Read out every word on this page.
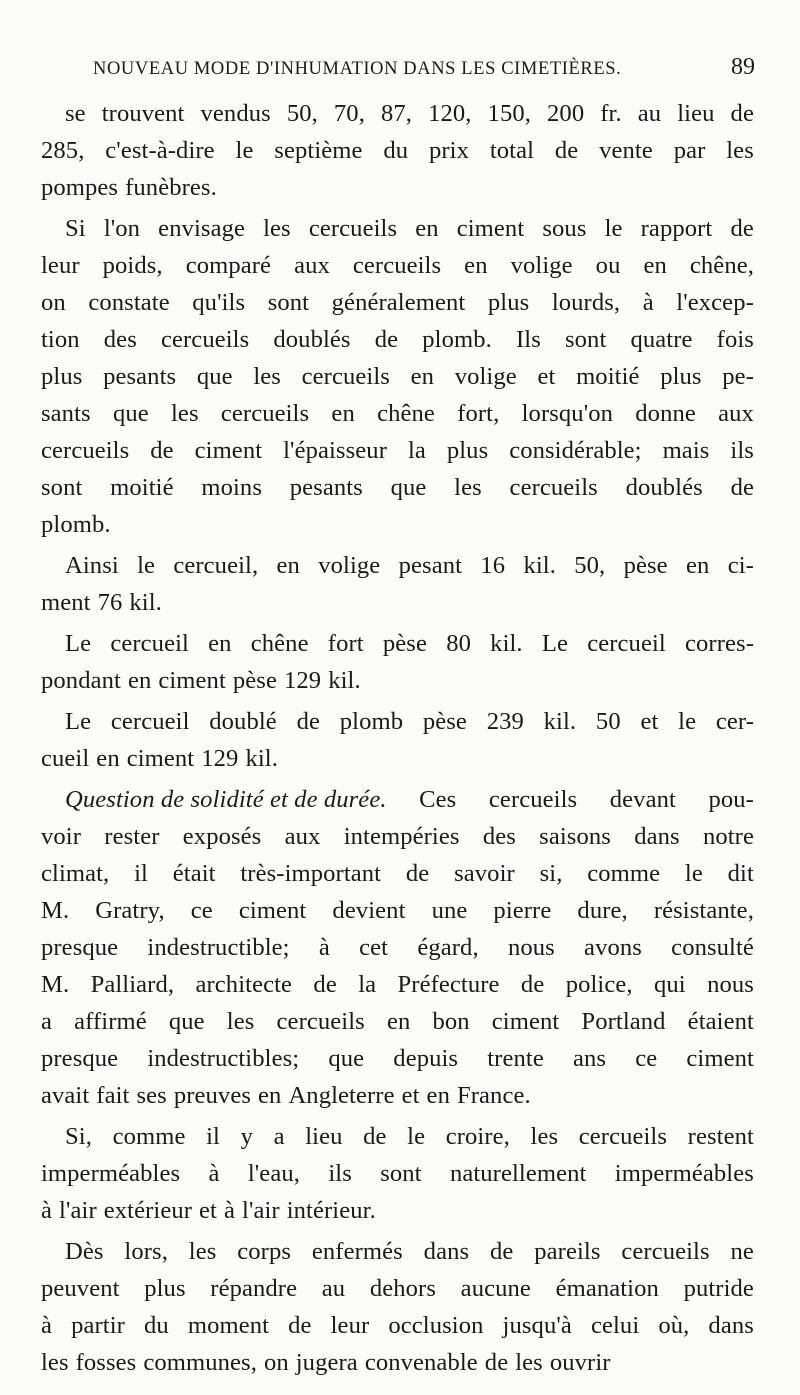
NOUVEAU MODE D'INHUMATION DANS LES CIMETIÈRES.	89
se trouvent vendus 50, 70, 87, 120, 150, 200 fr. au lieu de
285, c'est-à-dire le septième du prix total de vente par les
pompes funèbres.
Si l'on envisage les cercueils en ciment sous le rapport de
leur poids, comparé aux cercueils en volige ou en chêne,
on constate qu'ils sont généralement plus lourds, à l'excep-
tion des cercueils doublés de plomb. Ils sont quatre fois
plus pesants que les cercueils en volige et moitié plus pe-
sants que les cercueils en chêne fort, lorsqu'on donne aux
cercueils de ciment l'épaisseur la plus considérable; mais ils
sont moitié moins pesants que les cercueils doublés de
plomb.
Ainsi le cercueil, en volige pesant 16 kil. 50, pèse en ci-
ment 76 kil.
Le cercueil en chêne fort pèse 80 kil. Le cercueil corres-
pondant en ciment pèse 129 kil.
Le cercueil doublé de plomb pèse 239 kil. 50 et le cer-
cueil en ciment 129 kil.
Question de solidité et de durée. Ces cercueils devant pou-
voir rester exposés aux intempéries des saisons dans notre
climat, il était très-important de savoir si, comme le dit
M. Gratry, ce ciment devient une pierre dure, résistante,
presque indestructible; à cet égard, nous avons consulté
M. Palliard, architecte de la Préfecture de police, qui nous
a affirmé que les cercueils en bon ciment Portland étaient
presque indestructibles; que depuis trente ans ce ciment
avait fait ses preuves en Angleterre et en France.
Si, comme il y a lieu de le croire, les cercueils restent
imperméables à l'eau, ils sont naturellement imperméables
à l'air extérieur et à l'air intérieur.
Dès lors, les corps enfermés dans de pareils cercueils ne
peuvent plus répandre au dehors aucune émanation putride
à partir du moment de leur occlusion jusqu'à celui où, dans
les fosses communes, on jugera convenable de les ouvrir
